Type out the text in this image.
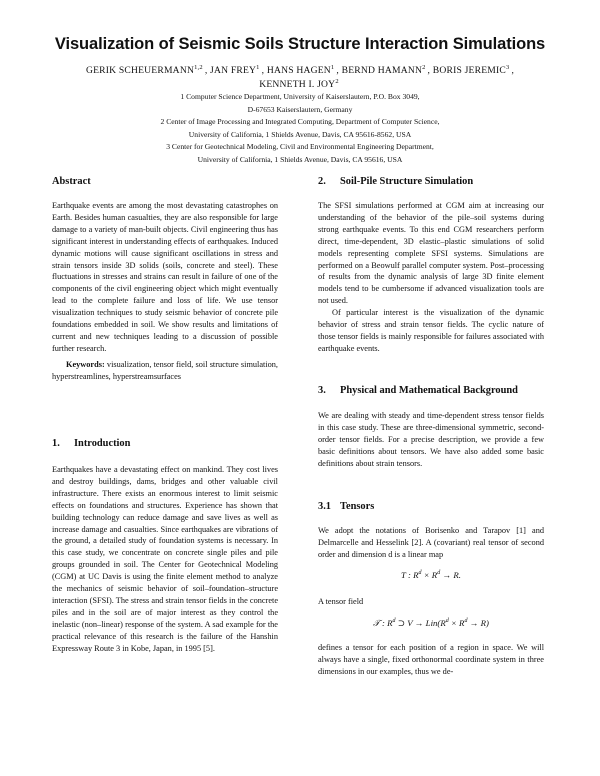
Visualization of Seismic Soils Structure Interaction Simulations
GERIK SCHEUERMANN$^{1,2}$ , JAN FREY$^1$ , HANS HAGEN$^1$ , BERND HAMANN$^2$ , BORIS JEREMIC$^3$ ,
KENNETH I. JOY$^2$
1 Computer Science Department, University of Kaiserslautern, P.O. Box 3049,
D-67653 Kaiserslautern, Germany
2 Center of Image Processing and Integrated Computing, Department of Computer Science,
University of California, 1 Shields Avenue, Davis, CA 95616-8562, USA
3 Center for Geotechnical Modeling, Civil and Environmental Engineering Department,
University of California, 1 Shields Avenue, Davis, CA 95616, USA
Abstract

Earthquake events are among the most devastating catastrophes on Earth. Besides human casualties, they are also responsible for large damage to a variety of man-built objects. Civil engineering thus has significant interest in understanding effects of earthquakes. Induced dynamic motions will cause significant oscillations in stress and strain tensors inside 3D solids (soils, concrete and steel). These fluctuations in stresses and strains can result in failure of one of the components of the civil engineering object which might eventually lead to the complete failure and loss of life. We use tensor visualization techniques to study seismic behavior of concrete pile foundations embedded in soil. We show results and limitations of current and new techniques leading to a discussion of possible further research.

Keywords: visualization, tensor field, soil structure simulation, hyperstreamlines, hyperstreamsurfaces

1. Introduction

Earthquakes have a devastating effect on mankind. They cost lives and destroy buildings, dams, bridges and other valuable civil infrastructure. There exists an enormous interest to limit seismic effects on foundations and structures. Experience has shown that building technology can reduce damage and save lives as well as increase damage and casualties. Since earthquakes are vibrations of the ground, a detailed study of foundation systems is necessary. In this case study, we concentrate on concrete single piles and pile groups grounded in soil. The Center for Geotechnical Modeling (CGM) at UC Davis is using the finite element method to analyze the mechanics of seismic behavior of soil–foundation–structure interaction (SFSI). The stress and strain tensor fields in the concrete piles and in the soil are of major interest as they control the inelastic (non–linear) response of the system. A sad example for the practical relevance of this research is the failure of the Hanshin Expressway Route 3 in Kobe, Japan, in 1995 [5].

2. Soil-Pile Structure Simulation

The SFSI simulations performed at CGM aim at increasing our understanding of the behavior of the pile–soil systems during strong earthquake events. To this end CGM researchers perform direct, time-dependent, 3D elastic–plastic simulations of solid models representing complete SFSI systems. Simulations are performed on a Beowulf parallel computer system. Post–processing of results from the dynamic analysis of large 3D finite element models tend to be cumbersome if advanced visualization tools are not used.

Of particular interest is the visualization of the dynamic behavior of stress and strain tensor fields. The cyclic nature of those tensor fields is mainly responsible for failures associated with earthquake events.

3. Physical and Mathematical Background

We are dealing with steady and time-dependent stress tensor fields in this case study. These are three-dimensional symmetric, second-order tensor fields. For a precise description, we provide a few basic definitions about tensors. We have also added some basic definitions about strain tensors.

3.1 Tensors

We adopt the notations of Borisenko and Tarapov [1] and Delmarcelle and Hesselink [2]. A (covariant) real tensor of second order and dimension d is a linear map

T : $R^d \times R^d \to R$.

A tensor field

𝒯 : $R^d$ ⊃ $V \to Lin(R^d \times R^d \to R)$

defines a tensor for each position of a region in space. We will always have a single, fixed orthonormal coordinate system in three dimensions in our examples, thus we de-
